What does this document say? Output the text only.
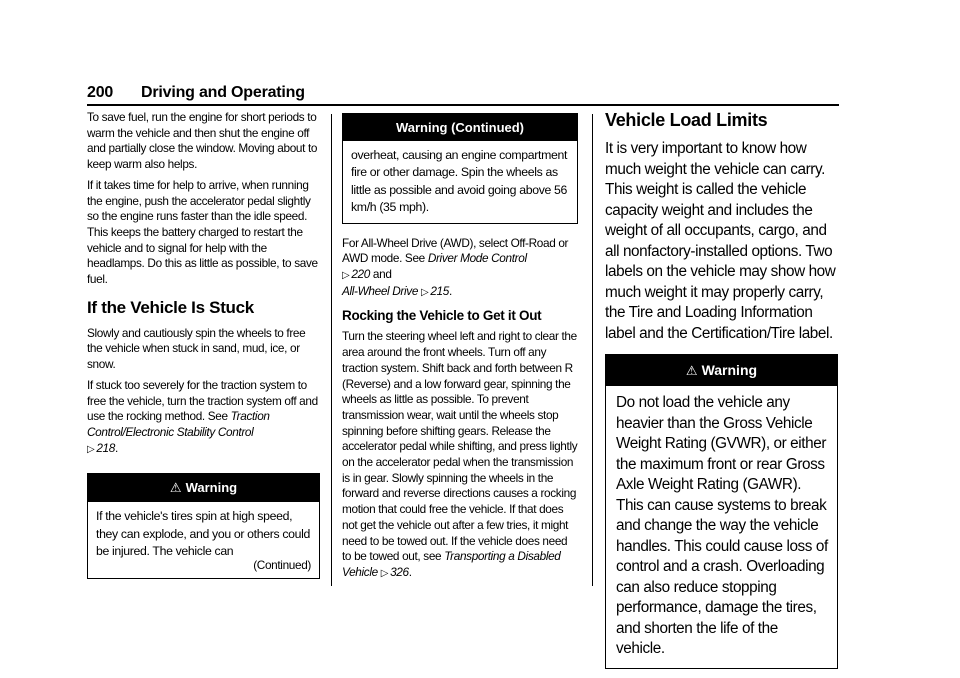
200 Driving and Operating

To save fuel, run the engine for short periods to warm the vehicle and then shut the engine off and partially close the window. Moving about to keep warm also helps.

If it takes time for help to arrive, when running the engine, push the accelerator pedal slightly so the engine runs faster than the idle speed. This keeps the battery charged to restart the vehicle and to signal for help with the headlamps. Do this as little as possible, to save fuel.

If the Vehicle Is Stuck

Slowly and cautiously spin the wheels to free the vehicle when stuck in sand, mud, ice, or snow.

If stuck too severely for the traction system to free the vehicle, turn the traction system off and use the rocking method. See Traction Control/Electronic Stability Control
▷ 218.

⚠ Warning

If the vehicle's tires spin at high speed, they can explode, and you or others could be injured. The vehicle can

(Continued)
Warning (Continued)

overheat, causing an engine compartment fire or other damage. Spin the wheels as little as possible and avoid going above 56 km/h (35 mph).

For All-Wheel Drive (AWD), select Off-Road or AWD mode. See Driver Mode Control
▷ 220 and
All-Wheel Drive ▷ 215.

Rocking the Vehicle to Get it Out

Turn the steering wheel left and right to clear the area around the front wheels. Turn off any traction system. Shift back and forth between R (Reverse) and a low forward gear, spinning the wheels as little as possible. To prevent transmission wear, wait until the wheels stop spinning before shifting gears. Release the accelerator pedal while shifting, and press lightly on the accelerator pedal when the transmission is in gear. Slowly spinning the wheels in the forward and reverse directions causes a rocking motion that could free the vehicle. If that does not get the vehicle out after a few tries, it might need to be towed out. If the vehicle does need to be towed out, see Transporting a Disabled Vehicle ▷ 326.

Vehicle Load Limits

It is very important to know how much weight the vehicle can carry. This weight is called the vehicle capacity weight and includes the weight of all occupants, cargo, and all nonfactory-installed options. Two labels on the vehicle may show how much weight it may properly carry, the Tire and Loading Information label and the Certification/Tire label.

⚠ Warning

Do not load the vehicle any heavier than the Gross Vehicle Weight Rating (GVWR), or either the maximum front or rear Gross Axle Weight Rating (GAWR). This can cause systems to break and change the way the vehicle handles. This could cause loss of control and a crash. Overloading can also reduce stopping performance, damage the tires, and shorten the life of the vehicle.
